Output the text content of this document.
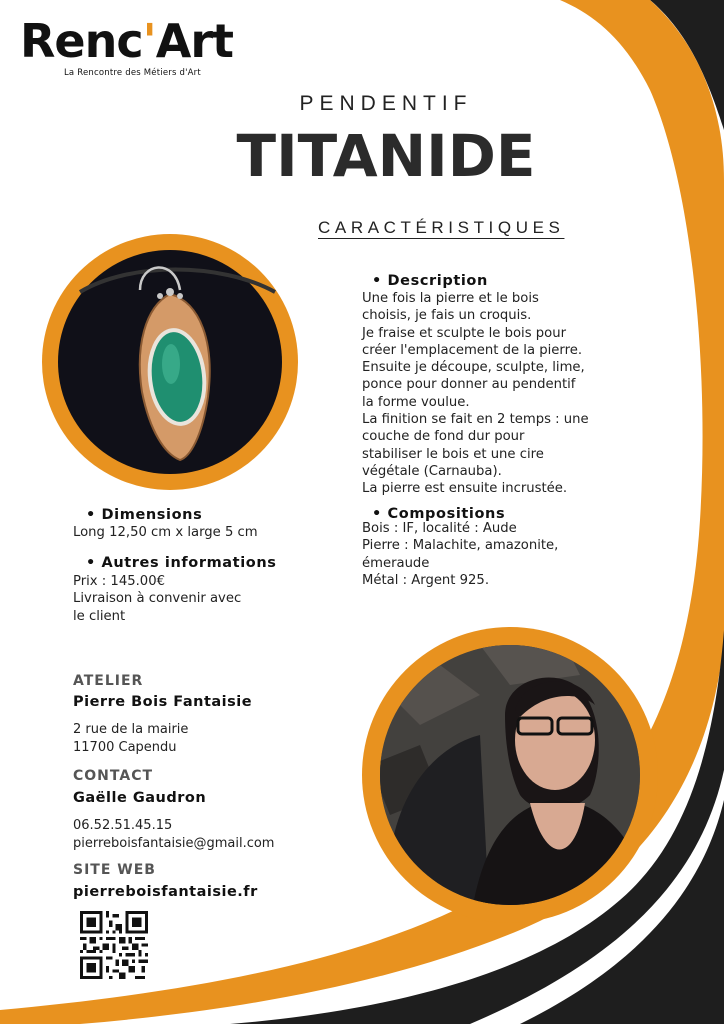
Renc'Art
La Rencontre des Métiers d'Art
PENDENTIF
TITANIDE
CARACTÉRISTIQUES
• Description
Une fois la pierre et le bois
choisis, je fais un croquis.
Je fraise et sculpte le bois pour
créer l'emplacement de la pierre.
Ensuite je découpe, sculpte, lime,
ponce pour donner au pendentif
la forme voulue.
La finition se fait en 2 temps : une
couche de fond dur pour
stabiliser le bois et une cire
végétale (Carnauba).
La pierre est ensuite incrustée.
• Compositions
Bois : IF, localité : Aude
Pierre : Malachite, amazonite,
émeraude
Métal : Argent 925.
• Dimensions
Long 12,50 cm x large 5 cm
• Autres informations
Prix : 145.00€
Livraison à convenir avec
le client
ATELIER
Pierre Bois Fantaisie
2 rue de la mairie
11700 Capendu
CONTACT
Gaëlle Gaudron
06.52.51.45.15
pierreboisfantaisie@gmail.com
SITE WEB
pierreboisfantaisie.fr
